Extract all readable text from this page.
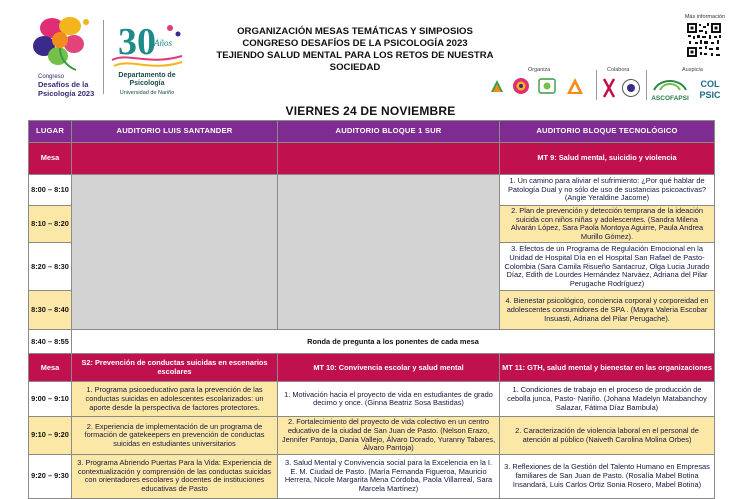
Congreso
Desafíos de la
Psicología 2023
30
Años
Departamento de
Psicología
Universidad de Nariño
ORGANIZACIÓN MESAS TEMÁTICAS Y SIMPOSIOS
CONGRESO DESAFÍOS DE LA PSICOLOGÍA 2023
TEJIENDO SALUD MENTAL PARA LOS RETOS DE NUESTRA SOCIEDAD
Más información
Organiza	Colabora	Auspicia
ASCOFAPSI
COL
PSIC
VIERNES 24 DE NOVIEMBRE
LUGAR	AUDITORIO LUIS SANTANDER	AUDITORIO BLOQUE 1 SUR	AUDITORIO BLOQUE TECNOLÓGICO
Mesa			MT 9: Salud mental, suicidio y violencia
8:00 – 8:10			1. Un camino para aliviar el sufrimiento: ¿Por qué hablar de Patología Dual y no sólo de uso de sustancias psicoactivas? (Angie Yeraldine Jacome)
8:10 – 8:20			2. Plan de prevención y detección temprana de la ideación suicida con niños niñas y adolescentes. (Sandra Milena Alvarán López, Sara Paola Montoya Aguirre, Paula Andrea Murillo Gómez).
8:20 – 8:30			3. Efectos de un Programa de Regulación Emocional en la Unidad de Hospital Día en el Hospital San Rafael de Pasto-Colombia (Sara Camila Risueño Santacruz, Olga Lucia Jurado Díaz, Edith de Lourdes Hernández Narváez, Adriana del Pilar Perugache Rodríguez)
8:30 – 8:40			4. Bienestar psicológico, conciencia corporal y corporeidad en adolescentes consumidores de SPA . (Mayra Valeria Escobar Insuasti, Adriana del Pilar Perugache).
8:40 – 8:55	Ronda de pregunta a los ponentes de cada mesa		
Mesa	S2: Prevención de conductas suicidas en escenarios escolares	MT 10: Convivencia escolar y salud mental	MT 11: GTH, salud mental y bienestar en las organizaciones
9:00 – 9:10	1. Programa psicoeducativo para la prevención de las conductas suicidas en adolescentes escolarizados: un aporte desde la perspectiva de factores protectores.	1. Motivación hacia el proyecto de vida en estudiantes de grado decimo y once. (Ginna Beatriz Sosa Bastidas)	1. Condiciones de trabajo en el proceso de producción de cebolla junca, Pasto- Nariño. (Johana Madelyn Matabanchoy Salazar, Fátima Díaz Bambula)
9:10 – 9:20	2. Experiencia de implementación de un programa de formación de gatekeepers en prevención de conductas suicidas en estudiantes universitarios	2. Fortalecimiento del proyecto de vida colectivo en un centro educativo de la ciudad de San Juan de Pasto. (Nelson Erazo, Jennifer Pantoja, Dania Vallejo, Álvaro Dorado, Yuranny Tabares, Álvaro Pantoja)	2. Caracterización de violencia laboral en el personal de atención al público (Naiveth Carolina Molina Orbes)
9:20 – 9:30	3. Programa Abriendo Puertas Para la Vida: Experiencia de contextualización y comprensión de las conductas suicidas con orientadores escolares y docentes de instituciones educativas de Pasto	3. Salud Mental y Convivencia social para la Excelencia en la I. E. M. Ciudad de Pasto. (María Fernanda Figueroa, Mauricio Herrera, Nicole Margarita Mena Córdoba, Paola Villarreal, Sara Marcela Martínez)	3. Reflexiones de la Gestión del Talento Humano en Empresas familiares de San Juan de Pasto. (Rosalía Mabel Botina Insandará, Luis Carlos Ortiz Sonia Rosero, Mabel Botina)
